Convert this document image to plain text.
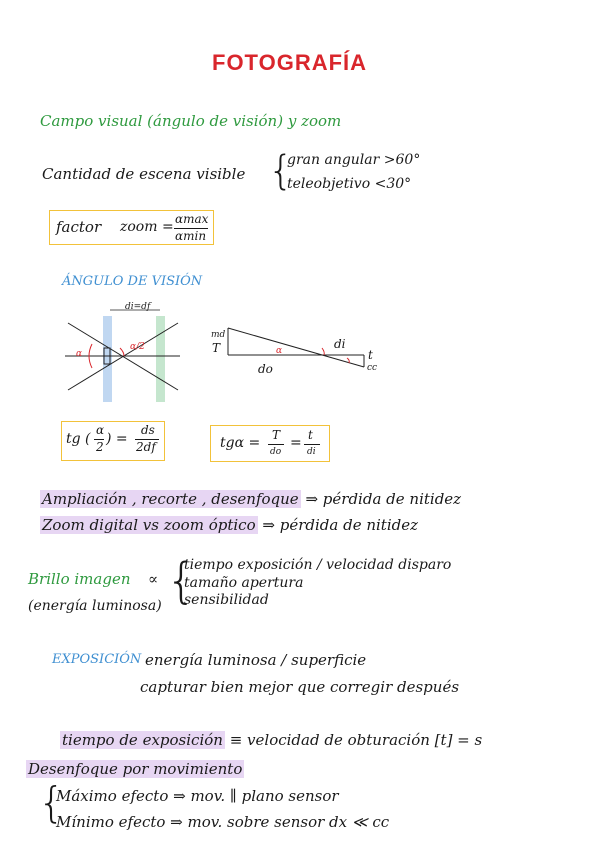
FOTOGRAFÍA
Campo visual (ángulo de visión) y zoom
Cantidad de escena visible {
gran angular >60°
teleobjetivo <30°
factor zoom = αmax
αmin
ÁNGULO DE VISIÓN
di=df
α
α/2
md
T	di
α
do
t
cc
tg (
α
2 ) =
ds
2df	tgα = T
do
= t
di
Ampliación , recorte , desenfoque ⇒ pérdida de nitidez
Zoom digital vs zoom óptico ⇒ pérdida de nitidez
Brillo imagen ∝
(energía luminosa) {
tiempo exposición / velocidad disparo
tamaño apertura
sensibilidad
EXPOSICIÓN energía luminosa / superficie
capturar bien mejor que corregir después
tiempo de exposición ≡ velocidad de obturación [t] = s
Desenfoque por movimiento
{
Máximo efecto ⇒ mov. ∥ plano sensor
Mínimo efecto ⇒ mov. sobre sensor dx ≪ cc
